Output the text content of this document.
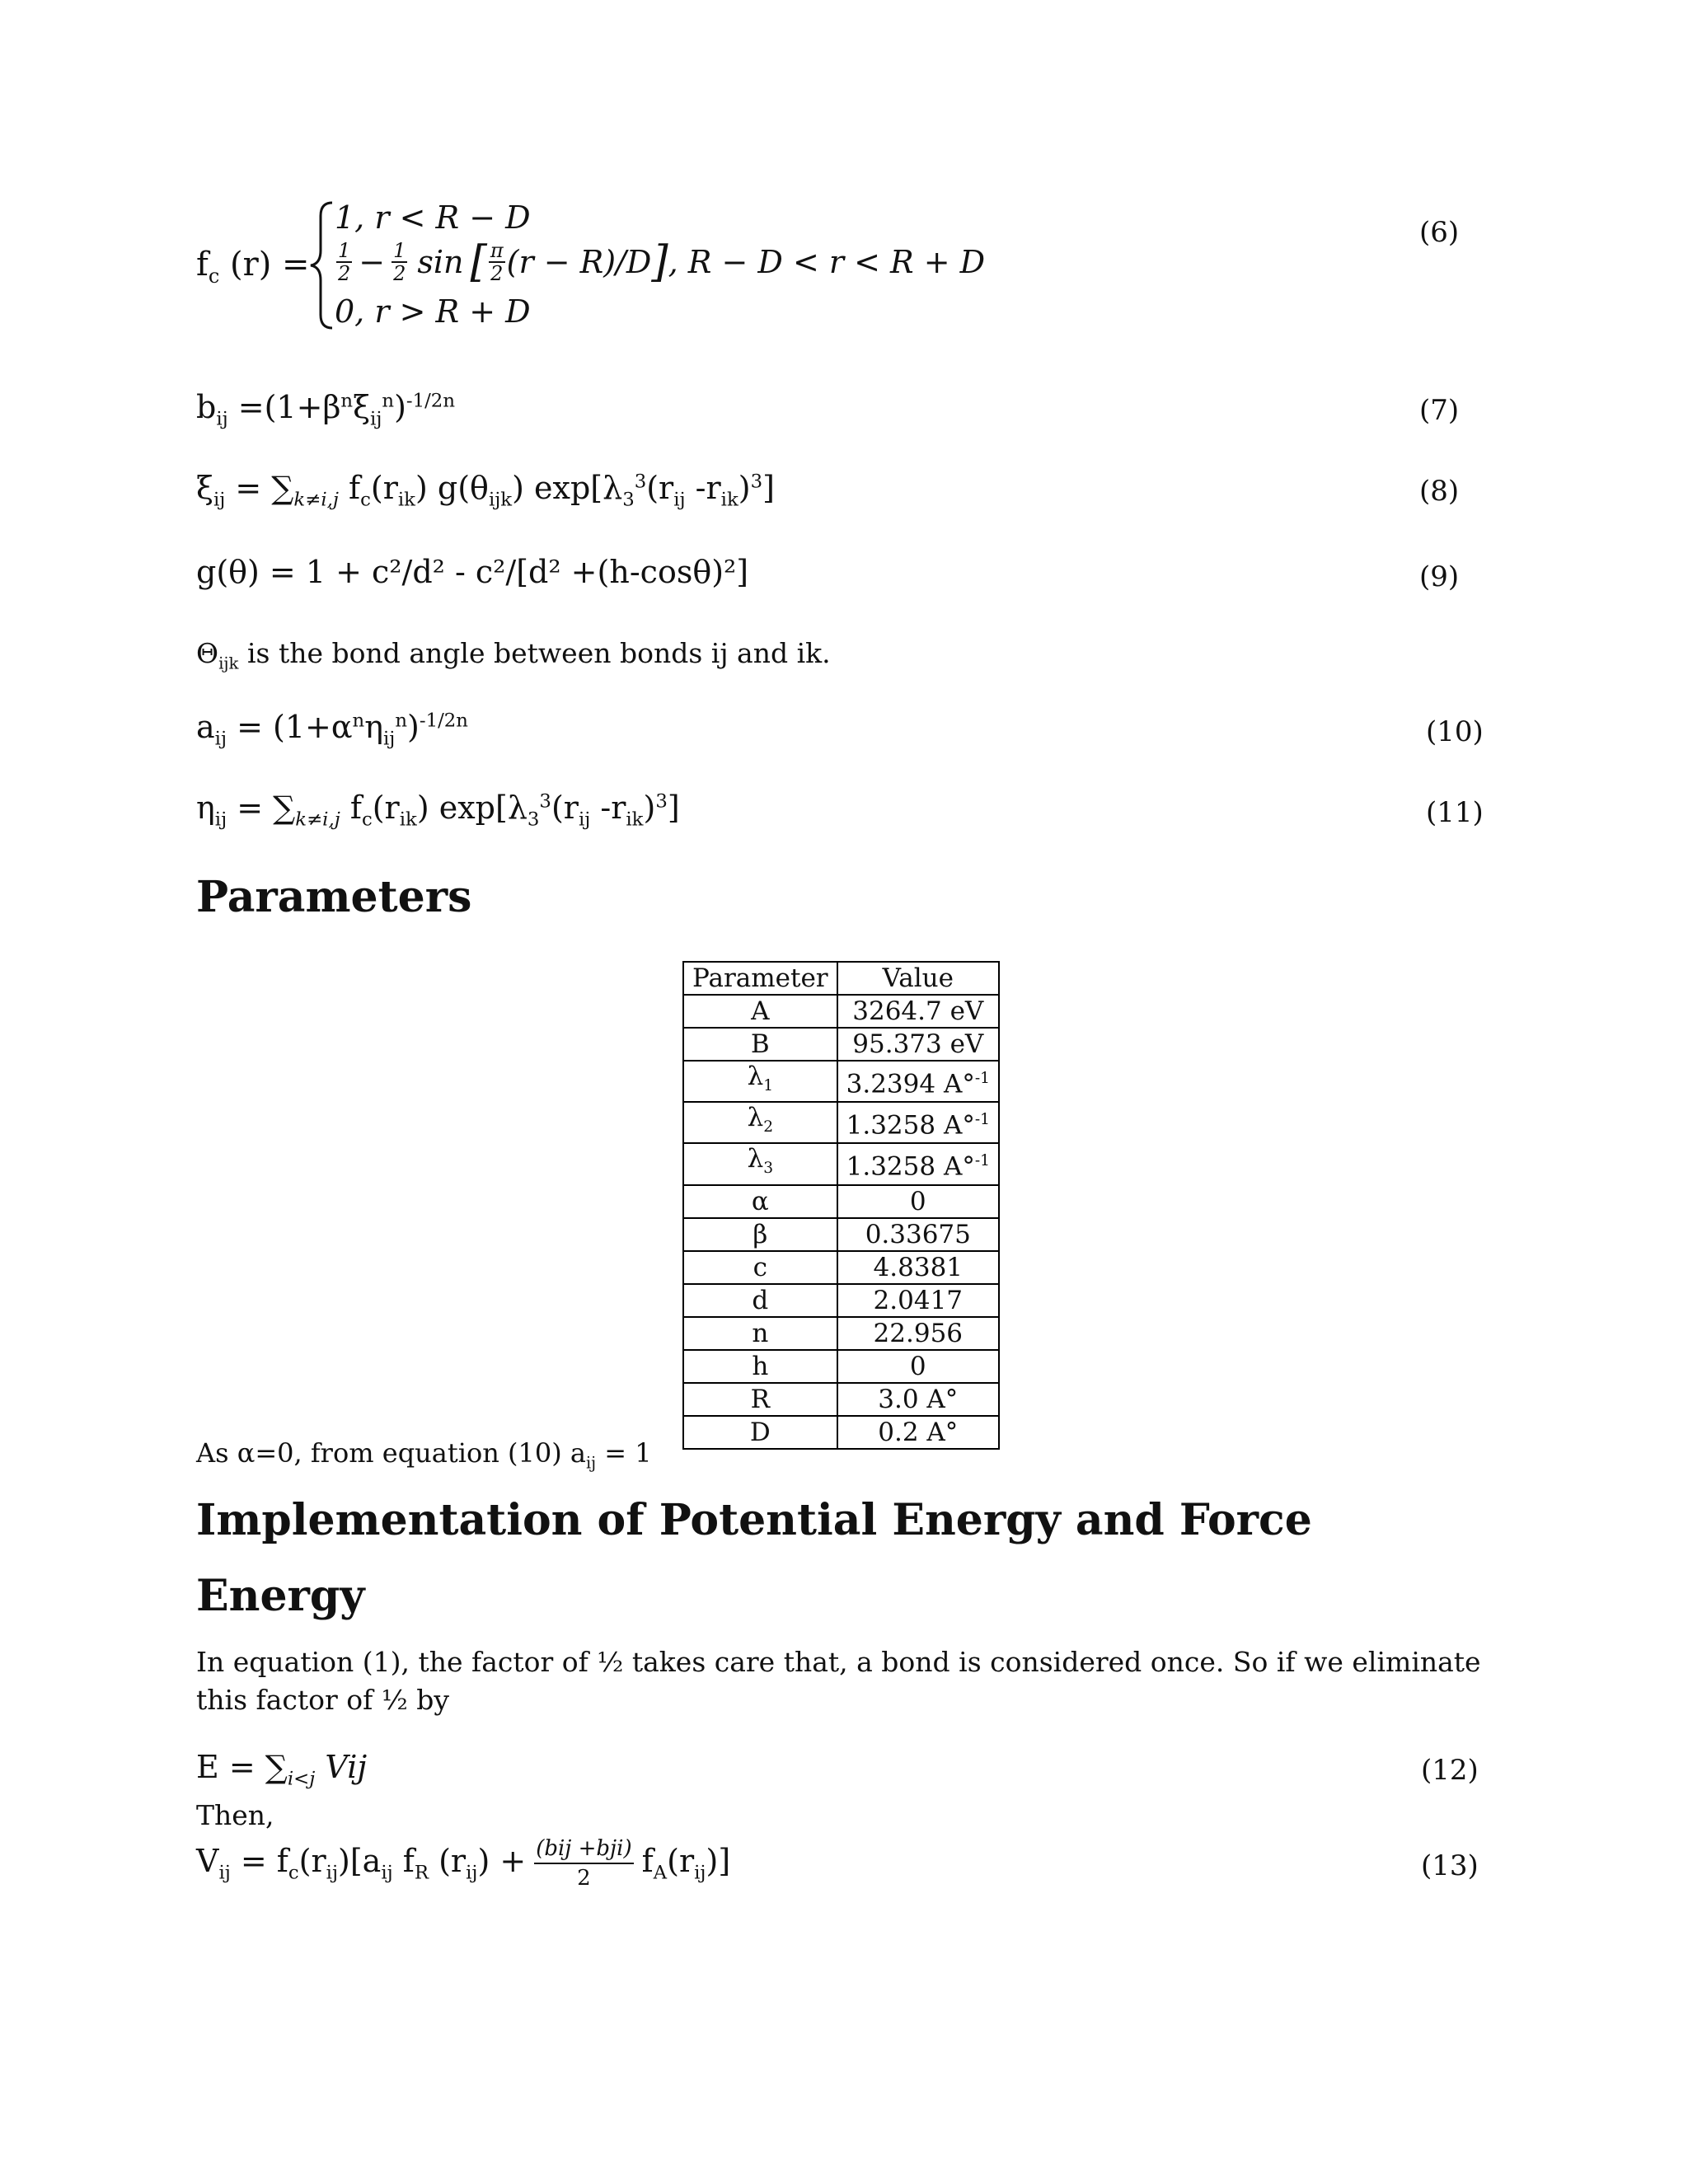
$f_c$ (r) =
1, r < R − D
$\frac{1}{2} - \frac{1}{2}$ sin [ $\frac{\pi}{2} (r - R)/D$ ] , R − D < r < R + D
0, r > R + D
(6)
$b_{ij} =(1+\beta^n\xi_{ij}^n)^{-1/2n}$	(7)
$\xi_{ij} = \sum_{k\ne i,j}$ $f_c(r_{ik})$ $g(\theta_{ijk})$ $\exp[\lambda_3^3(r_{ij}$ $-r_{ik})^3$]	(8)
g(θ) = 1 + c²/d² - c²/[d² +(h-cosθ)²]	(9)
$\Theta_{ijk}$ is the bond angle between bonds ij and ik.
$a_{ij} = (1+\alpha^n\eta_{ij}^n)^{-1/2n}$	(10)
$\eta_{ij} = \sum_{k\ne i,j}$ $f_c(r_{ik})$ $\exp[\lambda_3^3(r_{ij}$ $-r_{ik})^3$]	(11)
Parameters
Parameter	Value
A	3264.7 eV
B	95.373 eV
$\lambda_1$	3.2394 A°$^{-1}$
$\lambda_2$	1.3258 A°$^{-1}$
$\lambda_3$	1.3258 A°$^{-1}$
α	0
β	0.33675
c	4.8381
d	2.0417
n	22.956
h	0
R	3.0 A°
D	0.2 A°
As α=0, from equation (10) $a_{ij} = 1$
Implementation of Potential Energy and Force
Energy
In equation (1), the factor of ½ takes care that, a bond is considered once. So if we eliminate this factor of ½ by
$E = \sum_{i<j}$ Vij	(12)
Then,
$V_{ij} = f_c(r_{ij})[a_{ij}$ $f_R$ $(r_{ij}) + \frac{\text{(bij +bji)}}{2} f_A(r_{ij})$]	(13)
